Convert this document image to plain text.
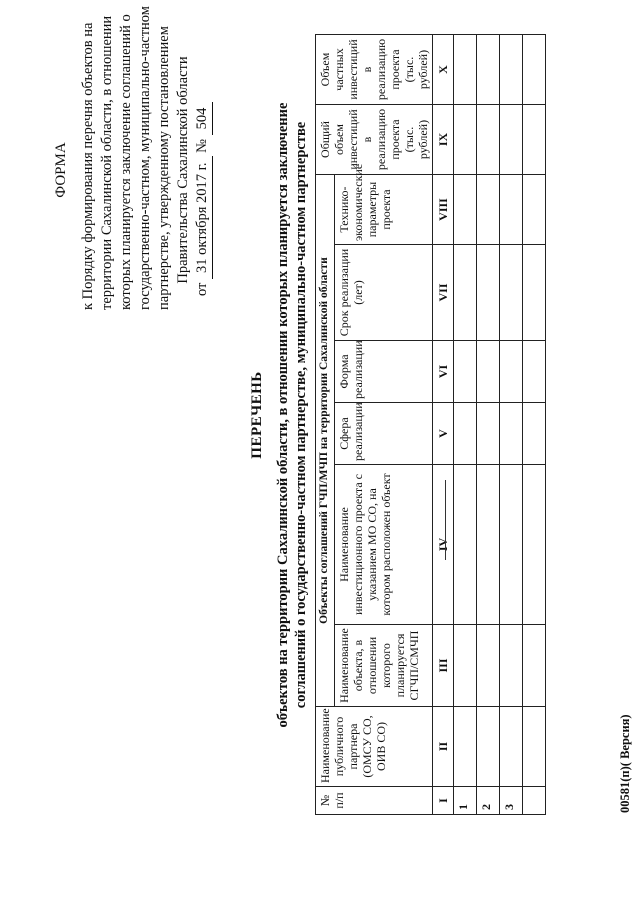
ФОРМА к Порядку формирования перечня объектов на территории Сахалинской области, в отношении которых планируется заключение соглашений о государственно-частном, муниципально-частном партнерстве, утвержденному постановлением Правительства Сахалинской области
от 31 октября 2017 г. № 504
ПЕРЕЧЕНЬ объектов на территории Сахалинской области, в отношении которых планируется заключение соглашений о государственно-частном партнерстве, муниципально-частном партнерстве
№ п/п	Наименование публичного партнера (ОМСУ СО, ОИВ СО)	Объекты соглашений ГЧП/МЧП на территории Сахалинской области						Общий объем инвестиций в реализацию проекта (тыс. рублей)	Объем частных инвестиций в реализацию проекта (тыс. рублей)
		Наименование объекта, в отношении которого планируется СГЧП/СМЧП	Наименование инвестиционного проекта с указанием МО СО, на котором расположен объект	Сфера реализации	Форма реализации	Срок реализации (лет)	Технико-экономические параметры проекта		
I	II	III	IV	V	VI	VII	VIII	IX	X
1									
2									
3									
										00581(п)( Версия)
